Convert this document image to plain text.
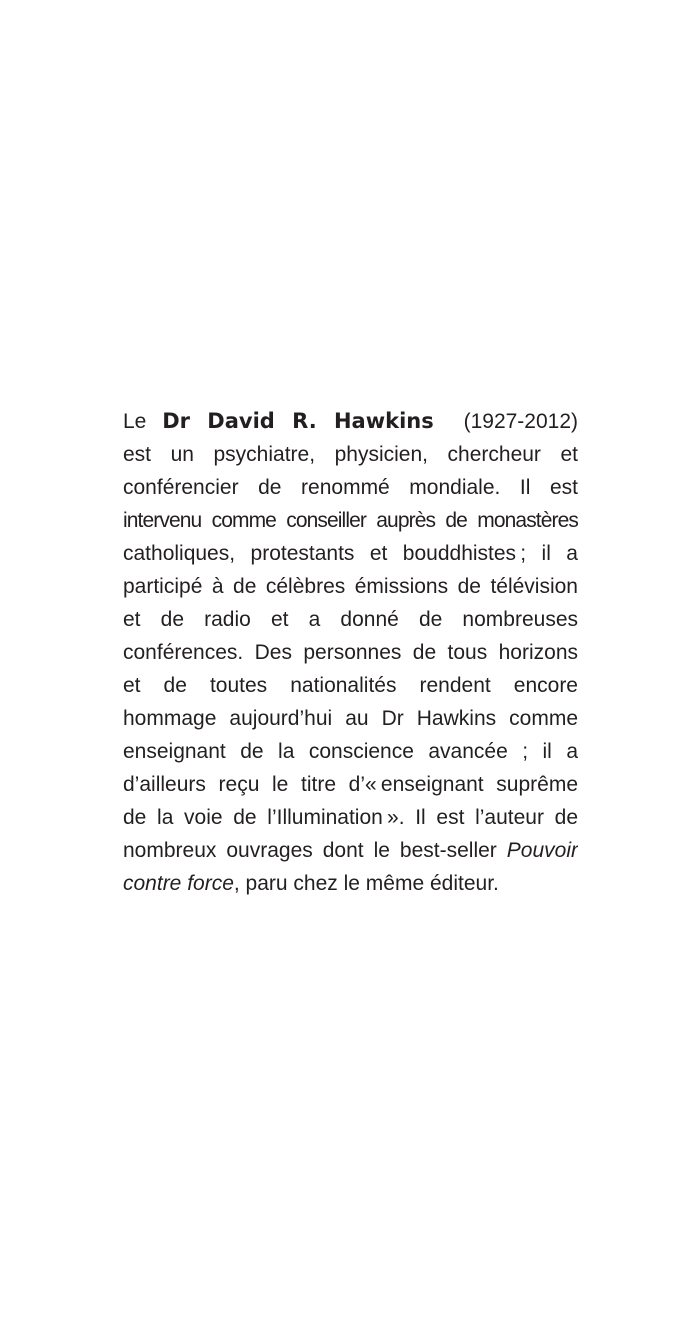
Le Dr David R. Hawkins (1927-2012)
est un psychiatre, physicien, chercheur et
conférencier de renommé mondiale. Il est
intervenu comme conseiller auprès de monastères
catholiques, protestants et bouddhistes ; il a
participé à de célèbres émissions de télévision
et de radio et a donné de nombreuses
conférences. Des personnes de tous horizons
et de toutes nationalités rendent encore
hommage aujourd’hui au Dr Hawkins comme
enseignant de la conscience avancée ; il a
d’ailleurs reçu le titre d’« enseignant suprême
de la voie de l’Illumination ». Il est l’auteur de
nombreux ouvrages dont le best-seller Pouvoir
contre force, paru chez le même éditeur.
